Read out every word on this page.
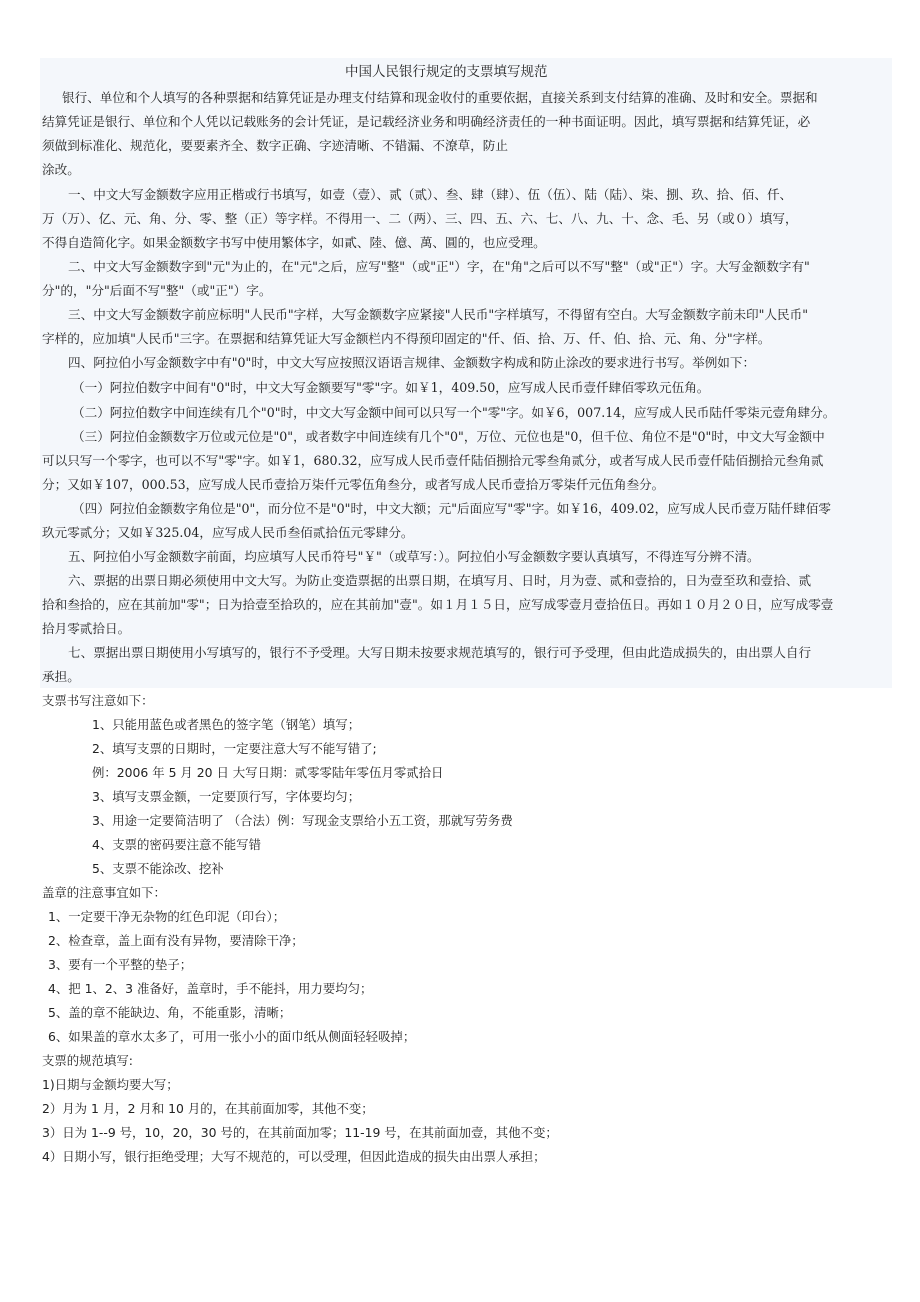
中国人民银行规定的支票填写规范
银行、单位和个人填写的各种票据和结算凭证是办理支付结算和现金收付的重要依据，直接关系到支付结算的准确、及时和安全。票据和
结算凭证是银行、单位和个人凭以记载账务的会计凭证，是记载经济业务和明确经济责任的一种书面证明。因此，填写票据和结算凭证，必
须做到标准化、规范化，要要素齐全、数字正确、字迹清晰、不错漏、不潦草，防止
涂改。
一、中文大写金额数字应用正楷或行书填写，如壹（壹）、贰（贰）、叁、肆（肆）、伍（伍）、陆（陆）、柒、捌、玖、拾、佰、仟、
万（万）、亿、元、角、分、零、整（正）等字样。不得用一、二（两）、三、四、五、六、七、八、九、十、念、毛、另（或０）填写，
不得自造简化字。如果金额数字书写中使用繁体字，如貳、陸、億、萬、圓的，也应受理。
二、中文大写金额数字到"元"为止的，在"元"之后，应写"整"（或"正"）字，在"角"之后可以不写"整"（或"正"）字。大写金额数字有"
分"的，"分"后面不写"整"（或"正"）字。
三、中文大写金额数字前应标明"人民币"字样，大写金额数字应紧接"人民币"字样填写，不得留有空白。大写金额数字前未印"人民币"
字样的，应加填"人民币"三字。在票据和结算凭证大写金额栏内不得预印固定的"仟、佰、拾、万、仟、伯、拾、元、角、分"字样。
四、阿拉伯小写金额数字中有"0"时，中文大写应按照汉语语言规律、金额数字构成和防止涂改的要求进行书写。举例如下：
（一）阿拉伯数字中间有"0"时，中文大写金额要写"零"字。如￥1，409.50，应写成人民币壹仟肆佰零玖元伍角。
（二）阿拉伯数字中间连续有几个"0"时，中文大写金额中间可以只写一个"零"字。如￥6，007.14，应写成人民币陆仟零柒元壹角肆分。
（三）阿拉伯金额数字万位或元位是"0"，或者数字中间连续有几个"0"，万位、元位也是"0，但千位、角位不是"0"时，中文大写金额中
可以只写一个零字，也可以不写"零"字。如￥1，680.32，应写成人民币壹仟陆佰捌拾元零叁角贰分，或者写成人民币壹仟陆佰捌拾元叁角贰
分；又如￥107，000.53，应写成人民币壹拾万柒仟元零伍角叁分，或者写成人民币壹拾万零柒仟元伍角叁分。
（四）阿拉伯金额数字角位是"0"，而分位不是"0"时，中文大额；元"后面应写"零"字。如￥16，409.02，应写成人民币壹万陆仟肆佰零
玖元零贰分；又如￥325.04，应写成人民币叁佰贰拾伍元零肆分。
五、阿拉伯小写金额数字前面，均应填写人民币符号"￥"（或草写：）。阿拉伯小写金额数字要认真填写，不得连写分辨不清。
六、票据的出票日期必须使用中文大写。为防止变造票据的出票日期，在填写月、日时，月为壹、贰和壹拾的，日为壹至玖和壹拾、贰
拾和叁拾的，应在其前加"零"；日为拾壹至拾玖的，应在其前加"壹"。如１月１５日，应写成零壹月壹拾伍日。再如１０月２０日，应写成零壹
拾月零贰拾日。
七、票据出票日期使用小写填写的，银行不予受理。大写日期未按要求规范填写的，银行可予受理，但由此造成损失的，由出票人自行
承担。
支票书写注意如下：
1、只能用蓝色或者黑色的签字笔（钢笔）填写；
2、填写支票的日期时，一定要注意大写不能写错了;
例：2006 年 5 月 20 日 大写日期：贰零零陆年零伍月零贰拾日
3、填写支票金额，一定要顶行写，字体要均匀；
3、用途一定要简洁明了 （合法）例：写现金支票给小五工资，那就写劳务费
4、支票的密码要注意不能写错
5、支票不能涂改、挖补
盖章的注意事宜如下：
1、一定要干净无杂物的红色印泥（印台）；
2、检查章，盖上面有没有异物，要清除干净；
3、要有一个平整的垫子；
4、把 1、2、3 准备好，盖章时，手不能抖，用力要均匀；
5、盖的章不能缺边、角，不能重影，清晰；
6、如果盖的章水太多了，可用一张小小的面巾纸从侧面轻轻吸掉；
支票的规范填写:
1)日期与金额均要大写；
2）月为 1 月，2 月和 10 月的，在其前面加零，其他不变；
3）日为 1--9 号，10，20，30 号的，在其前面加零；11-19 号，在其前面加壹，其他不变；
4）日期小写，银行拒绝受理；大写不规范的，可以受理，但因此造成的损失由出票人承担；
